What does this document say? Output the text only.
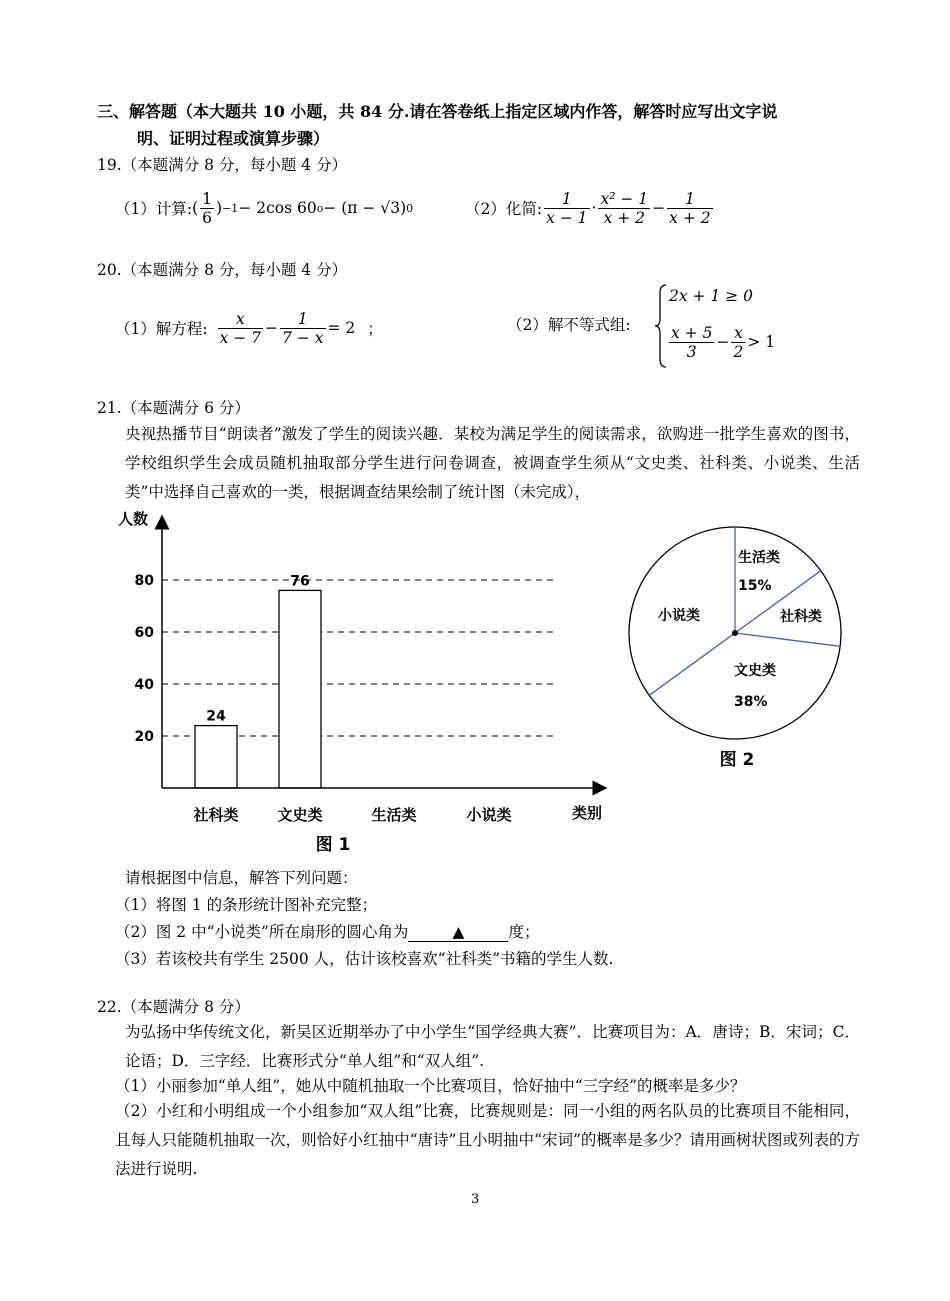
三、解答题（本大题共 10 小题，共 84 分.请在答卷纸上指定区域内作答，解答时应写出文字说
明、证明过程或演算步骤）
19.（本题满分 8 分，每小题 4 分）
（1）计算: ( $\frac{1}{6}$ ) −1 − 2cos 60 o − (π − √3) 0	（2）化简: $\frac{1}{x - 1} \cdot \frac{\text{x² − 1}}{x + 2} - \frac{1}{x + 2}$
20.（本题满分 8 分，每小题 4 分）
（1）解方程: $\frac{x}{x - 7} - \frac{1}{7 - x} = 2$ ；	（2）解不等式组:
2x + 1 ≥ 0
$\frac{x + 5}{3} - \frac{x}{2} > 1$
21.（本题满分 6 分）
央视热播节目“朗读者”激发了学生的阅读兴趣．某校为满足学生的阅读需求，欲购进一批学生喜欢的图书，学校组织学生会成员随机抽取部分学生进行问卷调查，被调查学生须从“文史类、社科类、小说类、生活类”中选择自己喜欢的一类，根据调查结果绘制了统计图（未完成），
20
40
60
80
24
社科类
76
文史类	生活类	小说类
人数
类别
图 1
生活类
15%
社科类
文史类
38%
小说类
图 2
请根据图中信息，解答下列问题：
（1）将图 1 的条形统计图补充完整；
（2）图 2 中“小说类”所在扇形的圆心角为	▲	度；
（3）若该校共有学生 2500 人，估计该校喜欢“社科类”书籍的学生人数.
22.（本题满分 8 分）
为弘扬中华传统文化，新吴区近期举办了中小学生“国学经典大赛”．比赛项目为：A．唐诗；B．宋词；C．论语；D．三字经．比赛形式分“单人组”和“双人组”.
（1）小丽参加“单人组”，她从中随机抽取一个比赛项目，恰好抽中“三字经”的概率是多少？
（2）小红和小明组成一个小组参加“双人组”比赛，比赛规则是：同一小组的两名队员的比赛项目不能相同，且每人只能随机抽取一次，则恰好小红抽中“唐诗”且小明抽中“宋词”的概率是多少？请用画树状图或列表的方法进行说明.
3
